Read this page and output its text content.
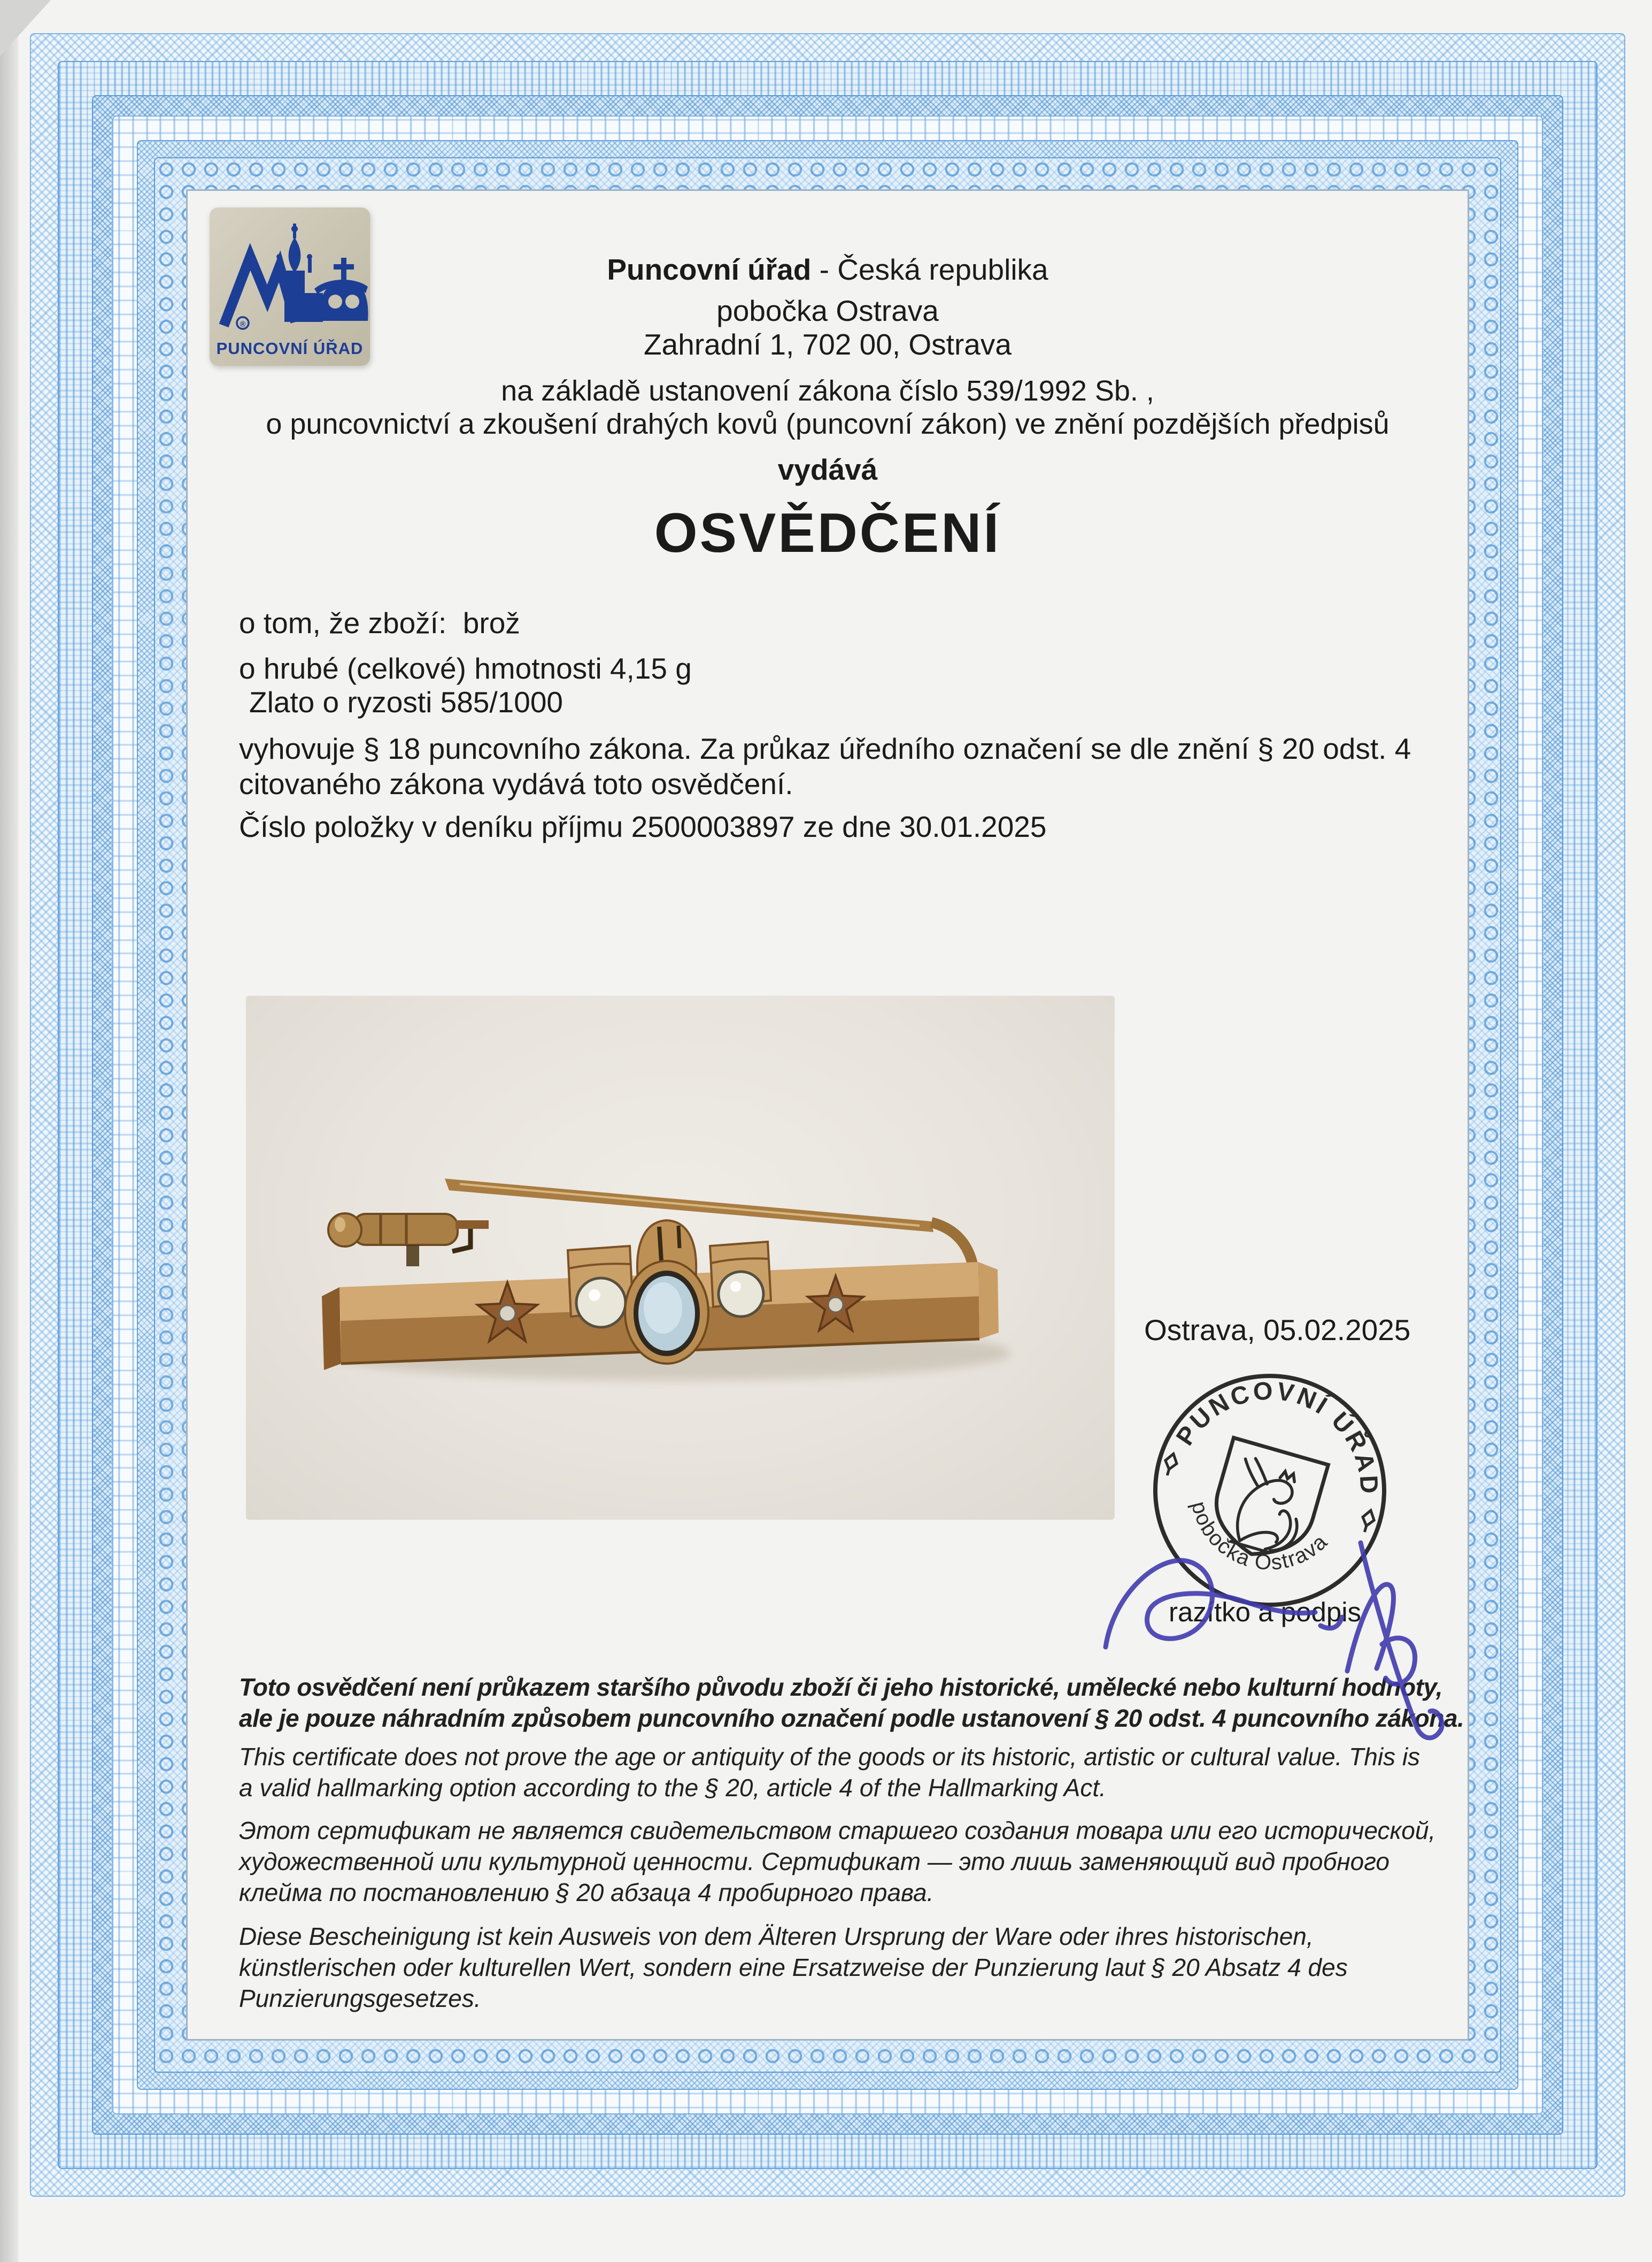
®
PUNCOVNÍ ÚŘAD
Puncovní úřad - Česká republika
pobočka Ostrava
Zahradní 1, 702 00, Ostrava
na základě ustanovení zákona číslo 539/1992 Sb. ,
o puncovnictví a zkoušení drahých kovů (puncovní zákon) ve znění pozdějších předpisů
vydává
OSVĚDČENÍ
o tom, že zboží:  brož
o hrubé (celkové) hmotnosti 4,15 g
Zlato o ryzosti 585/1000
vyhovuje § 18 puncovního zákona. Za průkaz úředního označení se dle znění § 20 odst. 4
citovaného zákona vydává toto osvědčení.
Číslo položky v deníku příjmu 2500003897 ze dne 30.01.2025
Ostrava, 05.02.2025
PUNCOVNÍ ÚŘAD
pobočka Ostrava
razítko a podpis
Toto osvědčení není průkazem staršího původu zboží či jeho historické, umělecké nebo kulturní hodnoty,
ale je pouze náhradním způsobem puncovního označení podle ustanovení § 20 odst. 4 puncovního zákona.
This certificate does not prove the age or antiquity of the goods or its historic, artistic or cultural value. This is
a valid hallmarking option according to the § 20, article 4 of the Hallmarking Act.
Этот сертификат не является свидетельством старшего создания товара или его исторической,
художественной или культурной ценности. Сертификат — это лишь заменяющий вид пробного
клейма по постановлению § 20 абзаца 4 пробирного права.
Diese Bescheinigung ist kein Ausweis von dem Älteren Ursprung der Ware oder ihres historischen,
künstlerischen oder kulturellen Wert, sondern eine Ersatzweise der Punzierung laut § 20 Absatz 4 des
Punzierungsgesetzes.
